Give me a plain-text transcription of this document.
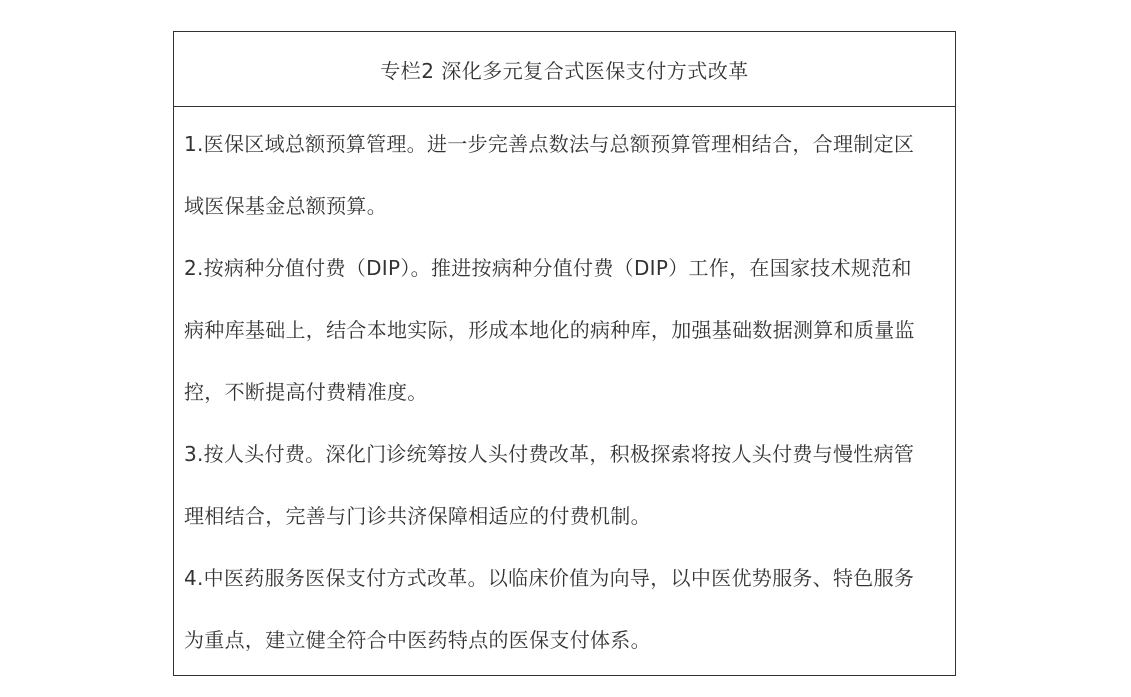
专栏2 深化多元复合式医保支付方式改革

1.医保区域总额预算管理。进一步完善点数法与总额预算管理相结合，合理制定区

域医保基金总额预算。

2.按病种分值付费（DIP）。推进按病种分值付费（DIP）工作，在国家技术规范和

病种库基础上，结合本地实际，形成本地化的病种库，加强基础数据测算和质量监

控，不断提高付费精准度。

3.按人头付费。深化门诊统筹按人头付费改革，积极探索将按人头付费与慢性病管

理相结合，完善与门诊共济保障相适应的付费机制。

4.中医药服务医保支付方式改革。以临床价值为向导，以中医优势服务、特色服务

为重点，建立健全符合中医药特点的医保支付体系。
